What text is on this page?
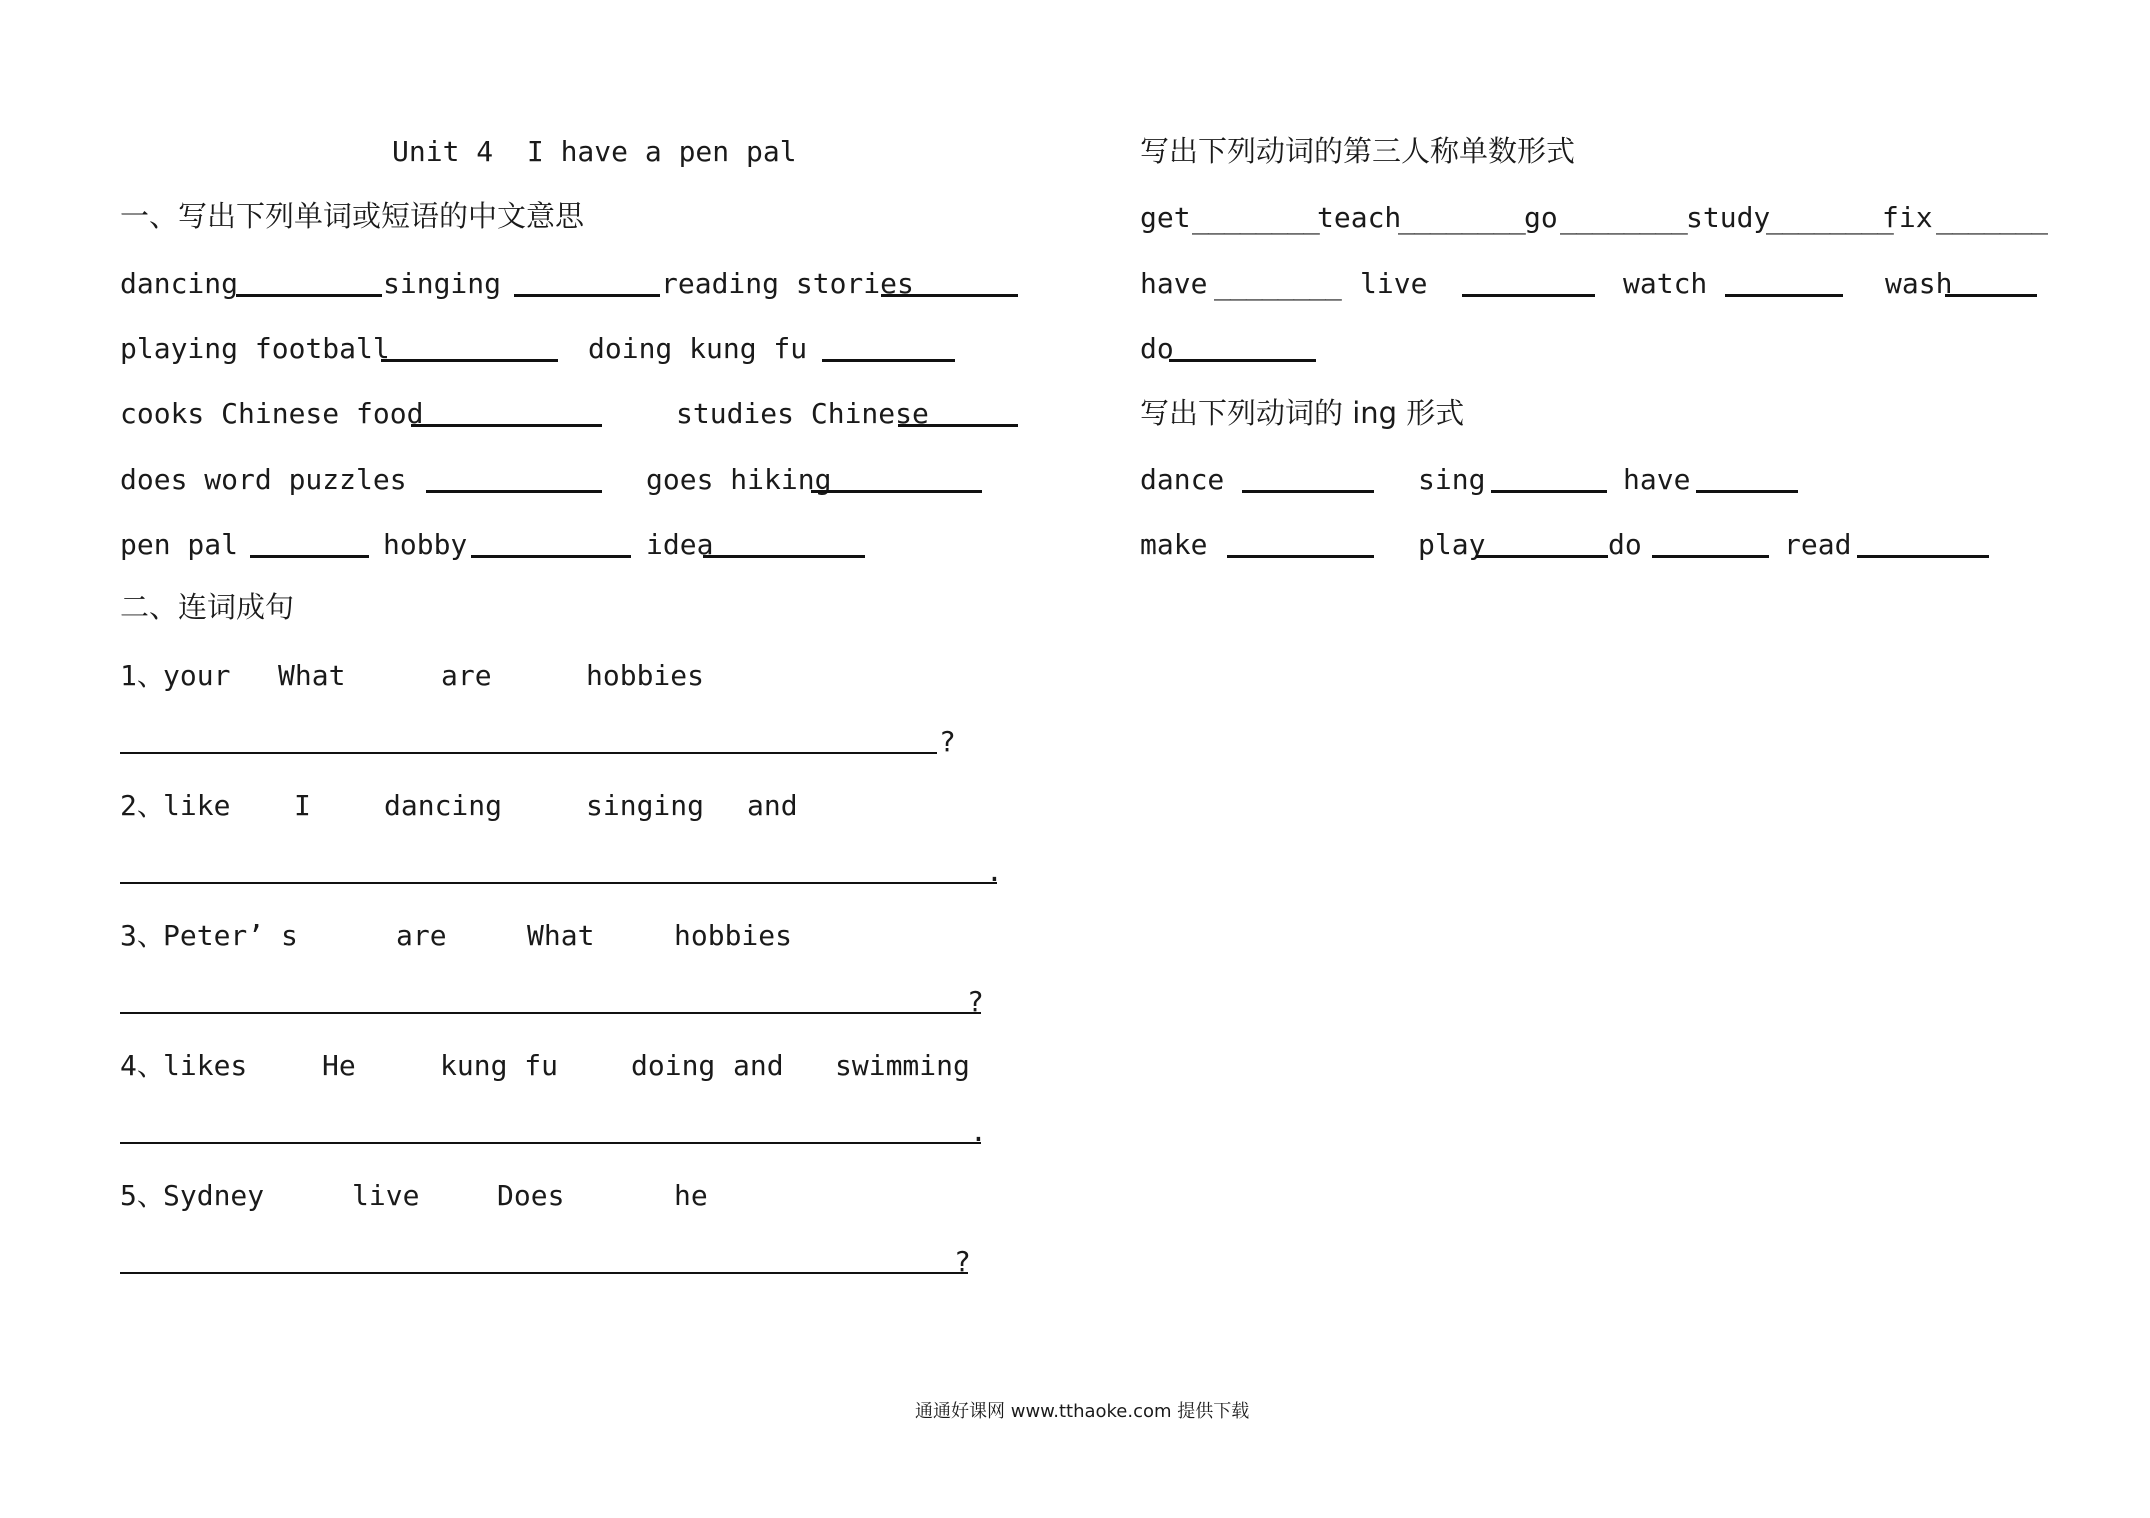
Unit 4  I have a pen pal
一、写出下列单词或短语的中文意思
dancing	singing	reading stories
playing football	doing kung fu
cooks Chinese food	studies Chinese
does word puzzles	goes hiking
pen pal	hobby	idea
二、连词成句
1、
your What	are	hobbies
?
2、
like I	dancing	singing and
.
3、
Peter’ s	are	What	hobbies
?
4、
likes	He	kung fu	doing and swimming
.
5、
Sydney	live	Does	he
?
写出下列动词的第三人称单数形式
get ________
teach
________ go ________ study
________
fix _______
have ________ live	watch	wash
do
写出下列动词的 ing 形式
dance	sing	have
make	play	do	read
通通好课网 www.tthaoke.com 提供下载
